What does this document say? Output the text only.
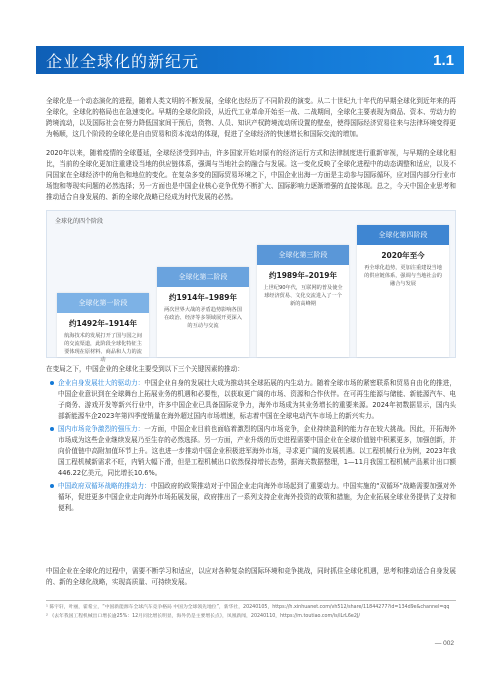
企业全球化的新纪元	1.1
全球化是一个动态演化的进程，随着人类文明的不断发展，全球化也经历了不同阶段的演变。从二十世纪九十年代的早期全球化到近年来的再全球化，全球化的格局也在急速变化。早期的全球化阶段，从近代工业革命开始至一战、二战期间，全球化主要表现为商品、资本、劳动力的跨境流动，以及国际社会在努力降低国家间干预后，货物、人员、知识产权跨境流动所设置的壁垒，使得国际经济贸易往来与法律环境变得更为畅顺，这几个阶段的全球化是自由贸易和资本流动的体现，促进了全球经济的快速增长和国际交流的增加。
2020年以来，随着疫情的全球蔓延，全球经济受到冲击，许多国家开始对原有的经济运行方式和法律制度进行重新审视，与早期的全球化相比，当前的全球化更加注重建设当地的供应链体系，强调与当地社会的融合与发展。这一变化反映了全球化进程中的动态调整和适应，以及不同国家在全球经济中的角色和地位的变化。在复杂多变的国际贸易环境之下，中国企业出海一方面是主动参与国际循环，应对国内部分行业市场饱和等现实问题的必然选择；另一方面也是中国企业核心竞争优势不断扩大、国际影响力逐渐增强的直接体现。总之，今天中国企业思考和推动适合自身发展的、新的全球化战略已经成为时代发展的必然。
全球化的四个阶段
全球化第一阶段
约1492年–1914年
航海技术的发展打开了国与国之间的交流渠道，此阶段全球化特征主要体现在原材料、商品和人力的流动
全球化第二阶段
约1914年–1989年
两次世界大战的矛盾趋势影响各国在政治、经济等多领域展开更深入的互动与交流
全球化第三阶段
约1989年–2019年
上世纪90年代，互联网的普及使全球经济贸易、文化交流进入了一个新的高峰期
全球化第四阶段
2020年至今
再全球化趋势，更加注重建设当地的供应链体系，强调与当地社会的融合与发展
在变局之下，中国企业的全球化主要受到以下三个关键因素的推动：
企业自身发展壮大的驱动力：中国企业自身的发展壮大成为推动其全球拓展的内生动力。随着全球市场的紧密联系和贸易自由化的推进，中国企业意识到在全球舞台上拓展业务的机遇和必要性，以获取更广阔的市场、资源和合作伙伴。在可再生能源与储能、新能源汽车、电子商务、游戏开发等新兴行业中，许多中国企业已具备国际竞争力，海外市场成为其业务增长的重要来源。2024年初数据显示，国内头部新能源车企2023年第四季度销量在海外超过国内市场增速，标志着中国在全球电动汽车市场上的新兴实力。
国内市场竞争激烈的强压力：一方面，中国企业目前也面临着激烈的国内市场竞争，企业持续盈利的能力存在较大挑战。因此，开拓海外市场成为这些企业继续发展乃至生存的必然选择。另一方面，产业升级的历史进程需要中国企业在全球价值链中积累更多，加强创新，并向价值链中高附加值环节上升。这也进一步推动中国企业积极进军海外市场，寻求更广阔的发展机遇。以工程机械行业为例，2023年我国工程机械新需求不旺，内销大幅下滑，但是工程机械出口依然保持增长态势，据海关数据整理，1—11月我国工程机械产品累计出口额446.22亿美元，同比增长10.6%。
中国政府双循环战略的推动力：中国政府的政策推动对于中国企业走向海外市场起到了重要动力。中国实施的“双循环”战略需要加强对外循环，促进更多中国企业走向海外市场拓展发展，政府推出了一系列支持企业海外投资的政策和措施，为企业拓展全球业务提供了支持和便利。
中国企业在全球化的过程中，需要不断学习和适应，以应对各种复杂的国际环境和竞争挑战，同时抓住全球化机遇，思考和推动适合自身发展的、新的全球化战略，实现高质量、可持续发展。
¹ 陈宇轩，叶丽，霍希立，“中国新能源车全球汽车竞争格局 中国为全球领先地位”，新华社，20240105，https://h.xinhuanet.com/vh512/share/11844277?id=134d9e&channel=qq
² 《去年我国工程机械出口增长逾25%：12月同比增长明显，海外仍是主要增长点》，凤凰新闻，20240110，https://m.toutiao.com/is/iLrL6e2J/
— 002
